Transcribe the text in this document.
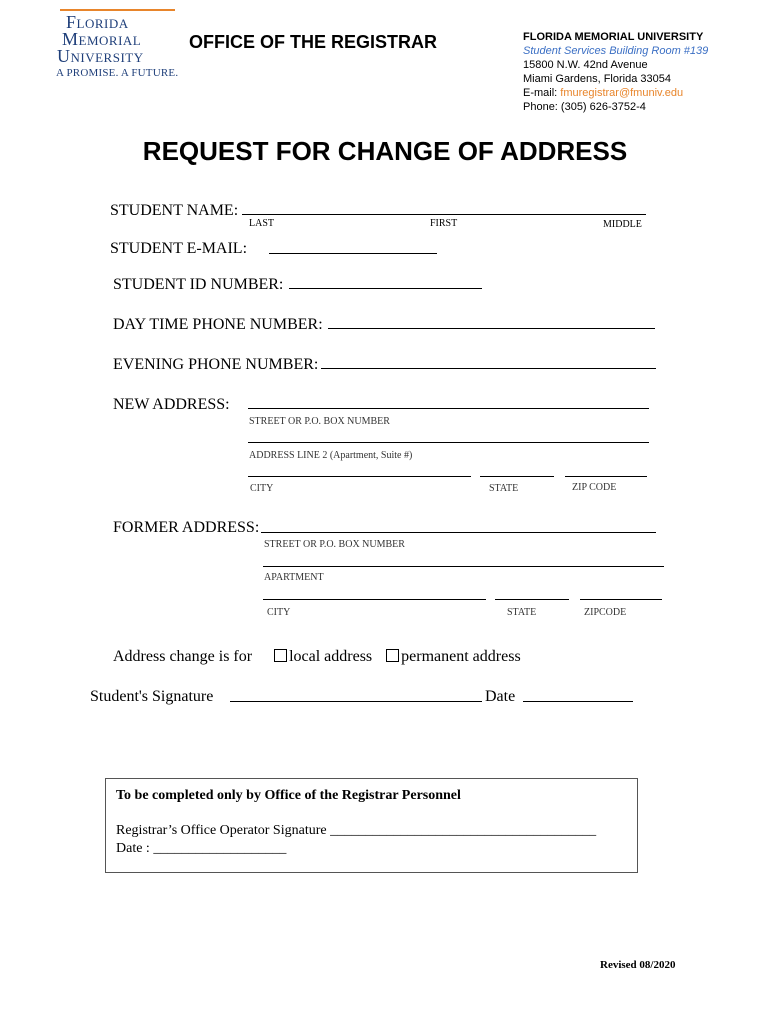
Florida
Memorial
University
A PROMISE. A FUTURE.
OFFICE OF THE REGISTRAR	FLORIDA MEMORIAL UNIVERSITY
Student Services Building Room #139
15800 N.W. 42nd Avenue
Miami Gardens, Florida 33054
E-mail: fmuregistrar@fmuniv.edu
Phone: (305) 626-3752-4
REQUEST FOR CHANGE OF ADDRESS
STUDENT NAME:
LAST	FIRST	MIDDLE
STUDENT E-MAIL:
STUDENT ID NUMBER:
DAY TIME PHONE NUMBER:
EVENING PHONE NUMBER:
NEW ADDRESS:
STREET OR P.O. BOX NUMBER
ADDRESS LINE 2 (Apartment, Suite #)
CITY	STATE	ZIP CODE
FORMER ADDRESS:
STREET OR P.O. BOX NUMBER
APARTMENT
CITY	STATE	ZIPCODE
Address change is for local address permanent address
Student's Signature	Date
To be completed only by Office of the Registrar Personnel
Registrar’s Office Operator Signature ______________________________________
Date : ___________________
Revised 08/2020
